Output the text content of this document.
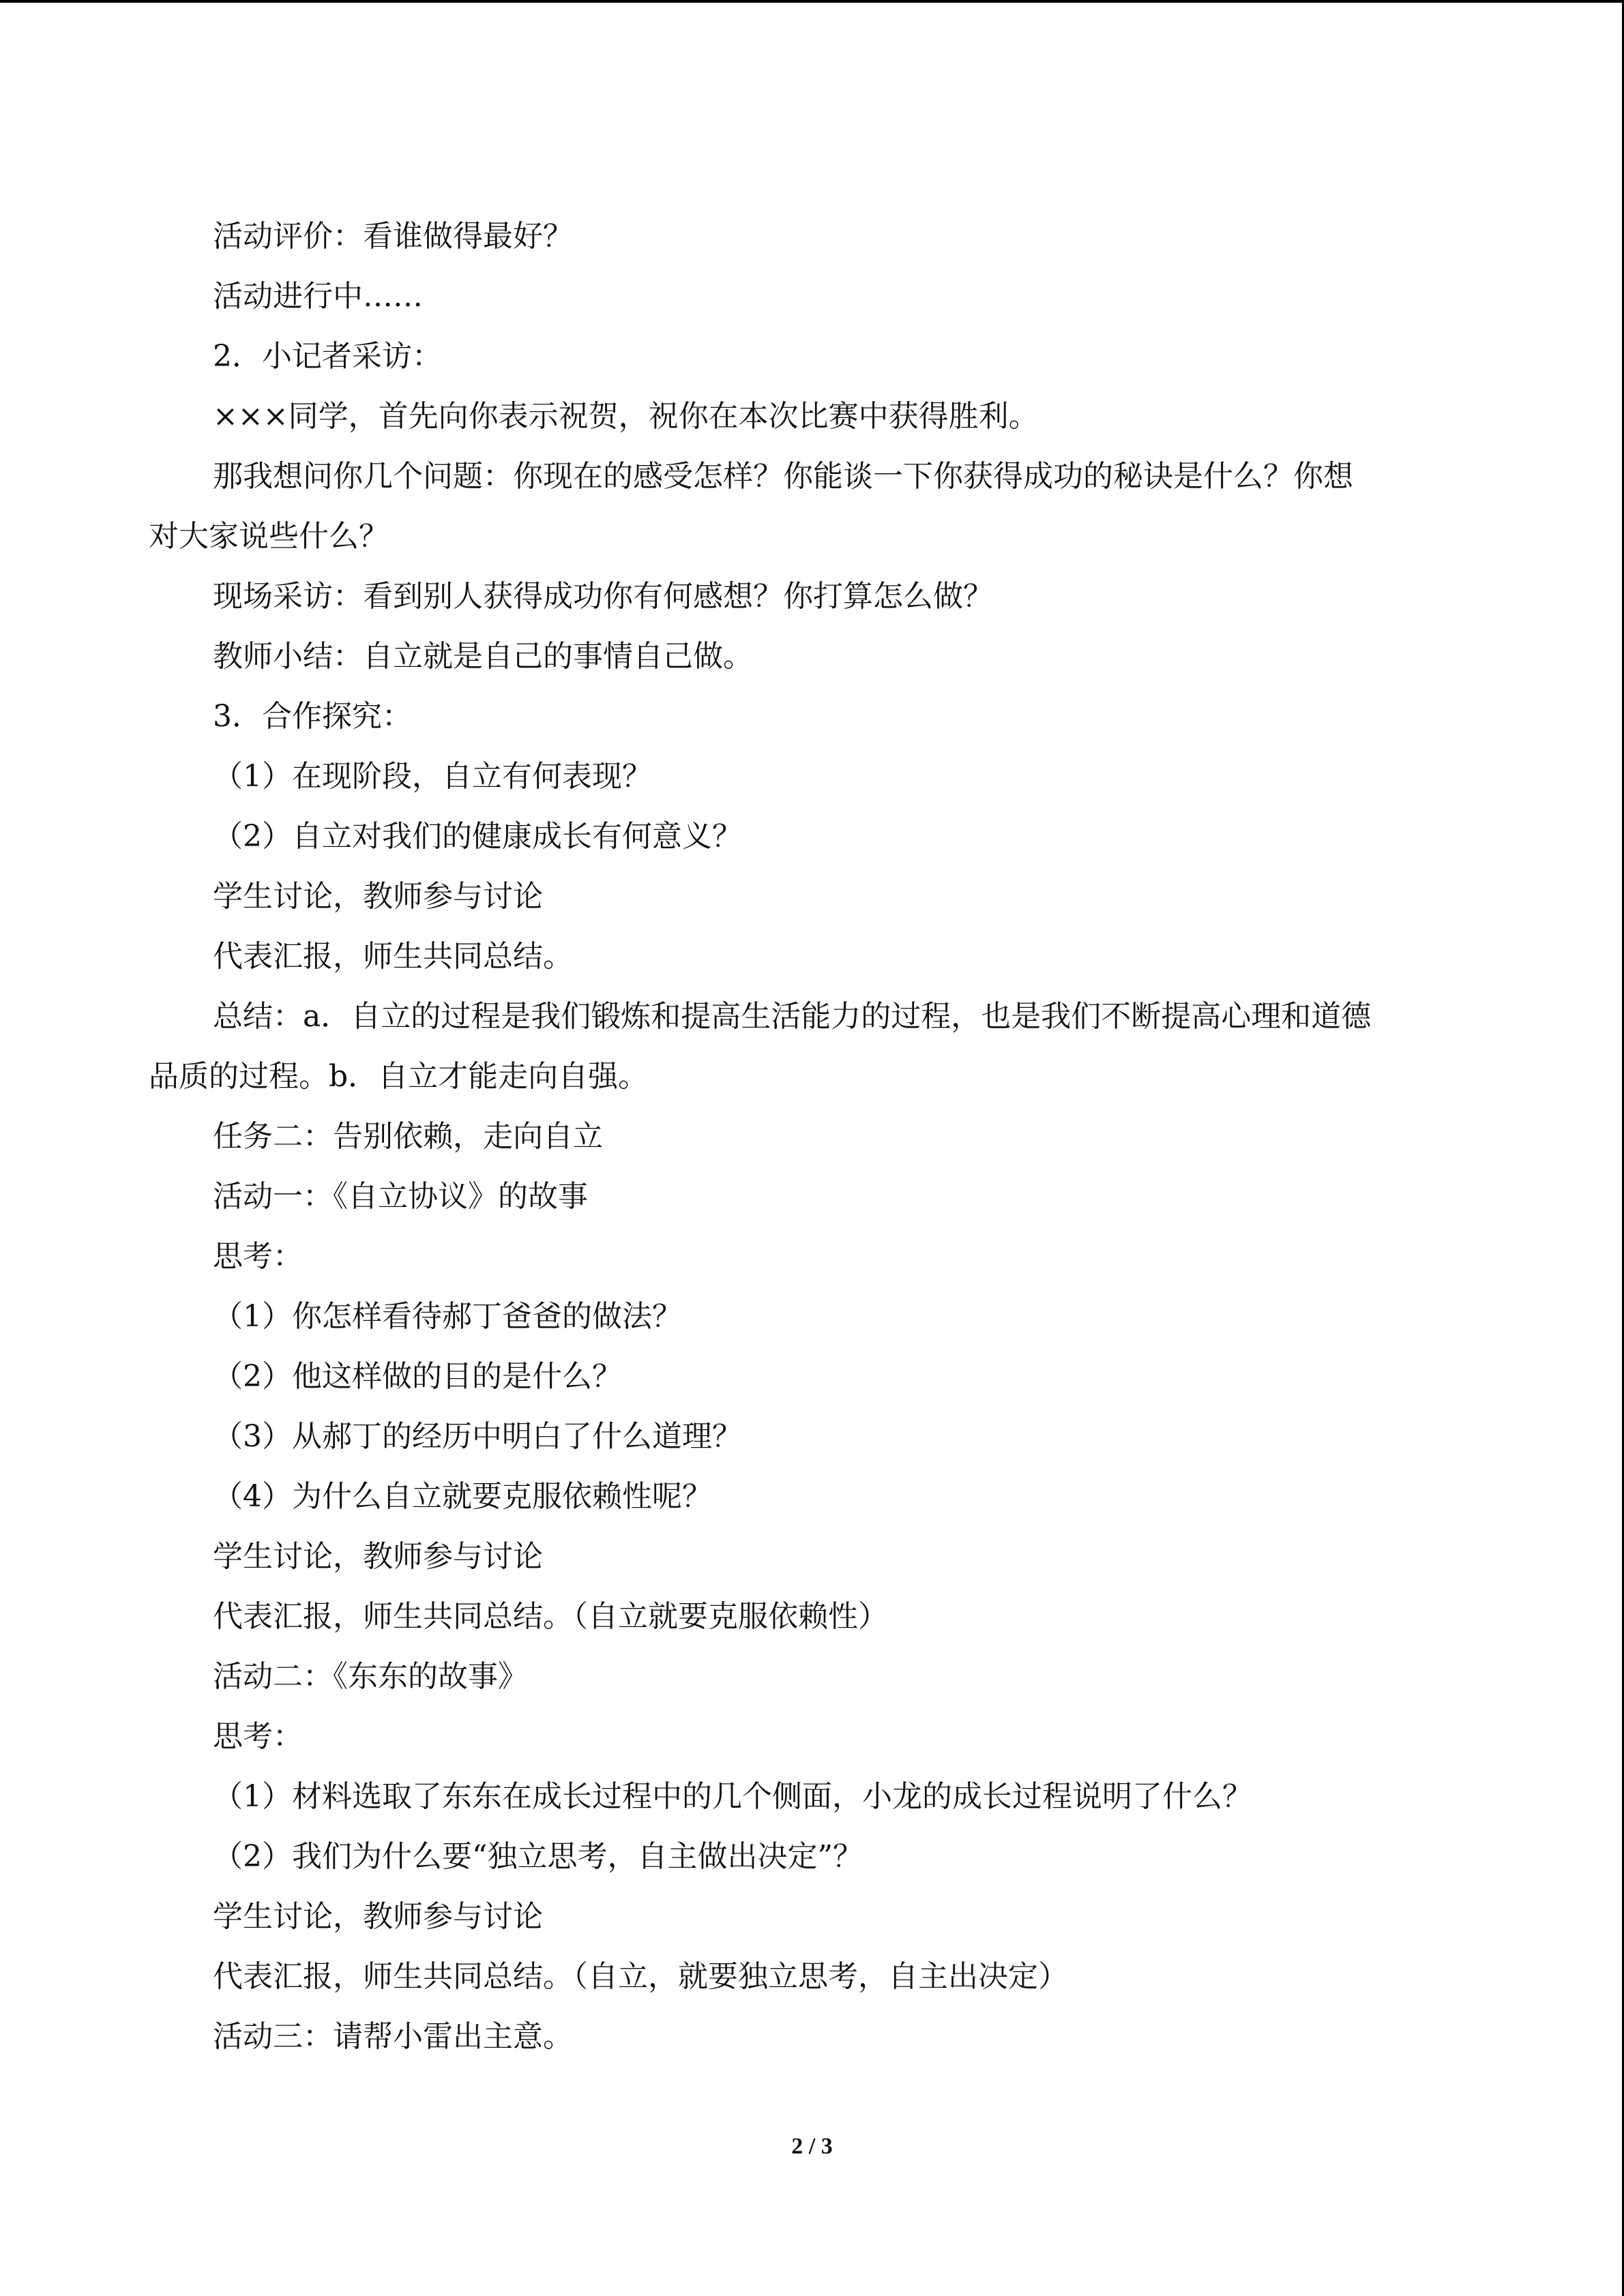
活动评价：看谁做得最好？

活动进行中……

2．小记者采访：

×××同学，首先向你表示祝贺，祝你在本次比赛中获得胜利。

那我想问你几个问题：你现在的感受怎样？你能谈一下你获得成功的秘诀是什么？你想

对大家说些什么？

现场采访：看到别人获得成功你有何感想？你打算怎么做？

教师小结：自立就是自己的事情自己做。

3．合作探究：

（1）在现阶段，自立有何表现？

（2）自立对我们的健康成长有何意义？

学生讨论，教师参与讨论

代表汇报，师生共同总结。

总结：a．自立的过程是我们锻炼和提高生活能力的过程，也是我们不断提高心理和道德

品质的过程。b．自立才能走向自强。

任务二：告别依赖，走向自立

活动一：《自立协议》的故事

思考：

（1）你怎样看待郝丁爸爸的做法？

（2）他这样做的目的是什么？

（3）从郝丁的经历中明白了什么道理？

（4）为什么自立就要克服依赖性呢？

学生讨论，教师参与讨论

代表汇报，师生共同总结。（自立就要克服依赖性）

活动二：《东东的故事》

思考：

（1）材料选取了东东在成长过程中的几个侧面，小龙的成长过程说明了什么？

（2）我们为什么要“独立思考，自主做出决定”？

学生讨论，教师参与讨论

代表汇报，师生共同总结。（自立，就要独立思考，自主出决定）

活动三：请帮小雷出主意。

2 / 3
